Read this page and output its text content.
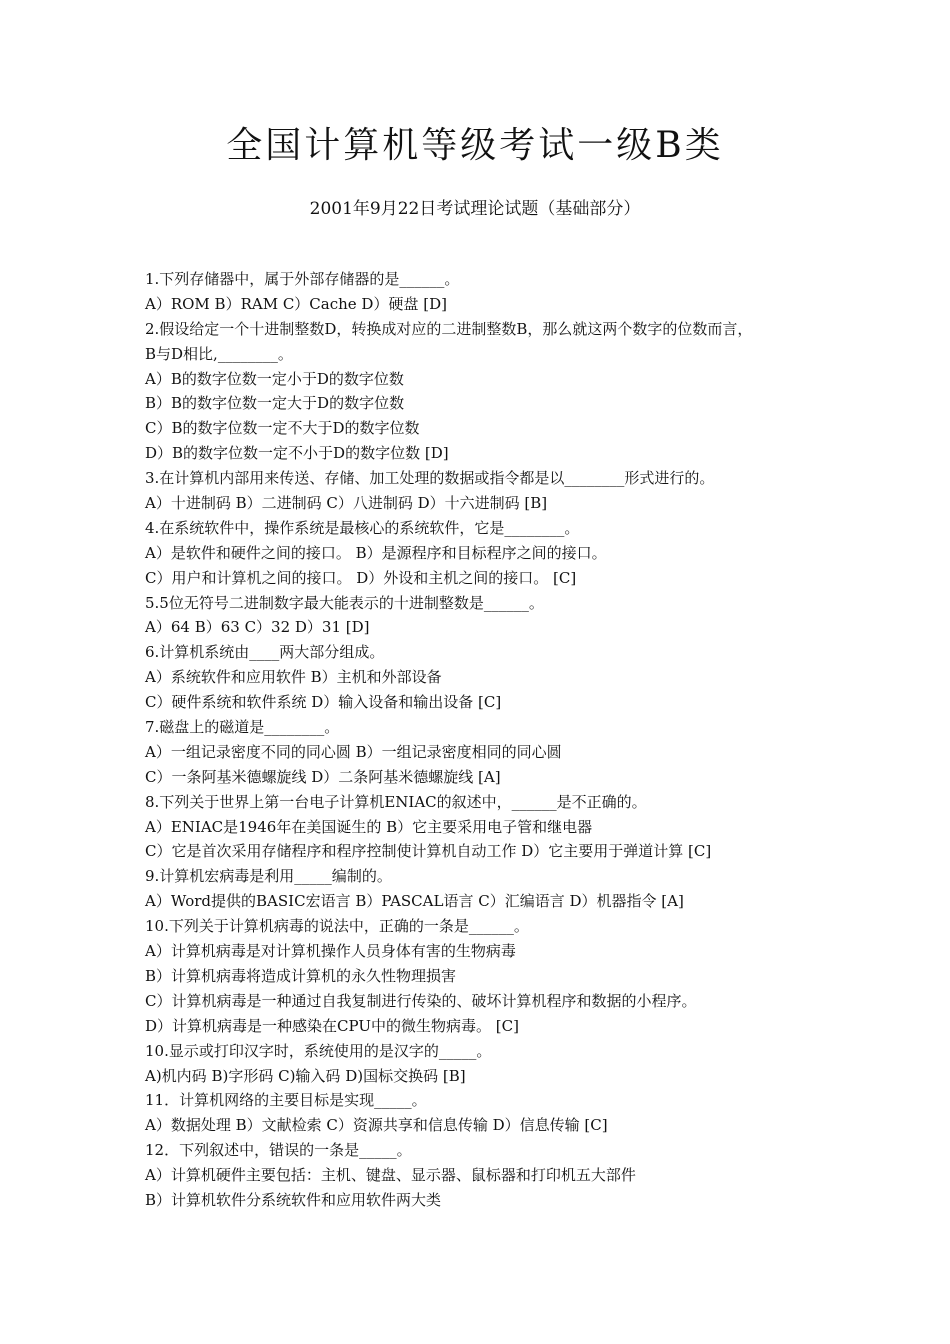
全国计算机等级考试一级B类
2001年9月22日考试理论试题（基础部分）
1.下列存储器中，属于外部存储器的是______。
A）ROM B）RAM C）Cache D）硬盘 [D]
2.假设给定一个十进制整数D，转换成对应的二进制整数B，那么就这两个数字的位数而言，
B与D相比,________。
A）B的数字位数一定小于D的数字位数
B）B的数字位数一定大于D的数字位数
C）B的数字位数一定不大于D的数字位数
D）B的数字位数一定不小于D的数字位数 [D]
3.在计算机内部用来传送、存储、加工处理的数据或指令都是以________形式进行的。
A）十进制码 B）二进制码 C）八进制码 D）十六进制码 [B]
4.在系统软件中，操作系统是最核心的系统软件，它是________。
A）是软件和硬件之间的接口。 B）是源程序和目标程序之间的接口。
C）用户和计算机之间的接口。 D）外设和主机之间的接口。 [C]
5.5位无符号二进制数字最大能表示的十进制整数是______。
A）64 B）63 C）32 D）31 [D]
6.计算机系统由____两大部分组成。
A）系统软件和应用软件 B）主机和外部设备
C）硬件系统和软件系统 D）输入设备和输出设备 [C]
7.磁盘上的磁道是________。
A）一组记录密度不同的同心圆 B）一组记录密度相同的同心圆
C）一条阿基米德螺旋线 D）二条阿基米德螺旋线 [A]
8.下列关于世界上第一台电子计算机ENIAC的叙述中，______是不正确的。
A）ENIAC是1946年在美国诞生的 B）它主要采用电子管和继电器
C）它是首次采用存储程序和程序控制使计算机自动工作 D）它主要用于弹道计算 [C]
9.计算机宏病毒是利用_____编制的。
A）Word提供的BASIC宏语言 B）PASCAL语言 C）汇编语言 D）机器指令 [A]
10.下列关于计算机病毒的说法中，正确的一条是______。
A）计算机病毒是对计算机操作人员身体有害的生物病毒
B）计算机病毒将造成计算机的永久性物理损害
C）计算机病毒是一种通过自我复制进行传染的、破坏计算机程序和数据的小程序。
D）计算机病毒是一种感染在CPU中的微生物病毒。 [C]
10.显示或打印汉字时，系统使用的是汉字的_____。
A)机内码 B)字形码 C)输入码 D)国标交换码 [B]
11．计算机网络的主要目标是实现_____。
A）数据处理 B）文献检索 C）资源共享和信息传输 D）信息传输 [C]
12．下列叙述中，错误的一条是_____。
A）计算机硬件主要包括：主机、键盘、显示器、鼠标器和打印机五大部件
B）计算机软件分系统软件和应用软件两大类
